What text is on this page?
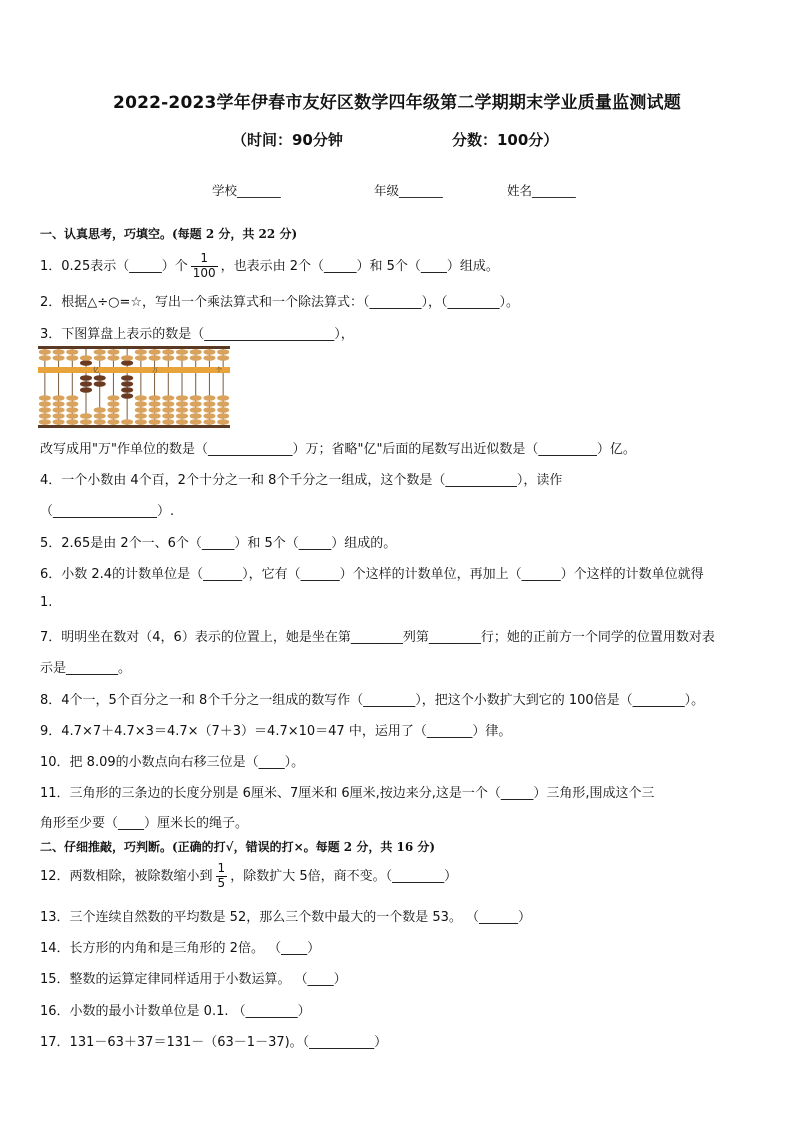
2022-2023学年伊春市友好区数学四年级第二学期期末学业质量监测试题
（时间：90分钟	分数：100分）
学校_______	年级_______	姓名_______
一、认真思考，巧填空。(每题 2 分，共 22 分)
1．0.25表示（_____）个 $\frac{1}{100}$ ，也表示由 2个（_____）和 5个（____）组成。
2．根据△÷○=☆，写出一个乘法算式和一个除法算式：（________），（________）。
3．下图算盘上表示的数是（____________________），
亿	万	个
改写成用"万"作单位的数是（_____________）万；省略"亿"后面的尾数写出近似数是（_________）亿。
4．一个小数由 4个百，2个十分之一和 8个千分之一组成，这个数是（___________），读作
（________________）.
5．2.65是由 2个一、6个（_____）和 5个（_____）组成的。
6．小数 2.4的计数单位是（______），它有（______）个这样的计数单位，再加上（______）个这样的计数单位就得
1.
7．明明坐在数对（4，6）表示的位置上，她是坐在第________列第________行；她的正前方一个同学的位置用数对表
示是________。
8．4个一，5个百分之一和 8个千分之一组成的数写作（________），把这个小数扩大到它的 100倍是（________）。
9．4.7×7＋4.7×3＝4.7×（7＋3）＝4.7×10＝47 中，运用了（_______）律。
10．把 8.09的小数点向右移三位是（____）。
11．三角形的三条边的长度分别是 6厘米、7厘米和 6厘米,按边来分,这是一个（_____）三角形,围成这个三
角形至少要（____）厘米长的绳子。
二、仔细推敲，巧判断。(正确的打√，错误的打×。每题 2 分，共 16 分)
12．两数相除，被除数缩小到 $\frac{1}{5}$ ，除数扩大 5倍，商不变。（________）
13．三个连续自然数的平均数是 52，那么三个数中最大的一个数是 53。 （______）
14．长方形的内角和是三角形的 2倍。 （____）
15．整数的运算定律同样适用于小数运算。 （____）
16．小数的最小计数单位是 0.1. （________）
17．131－63＋37＝131－（63－1－37)。（__________）
